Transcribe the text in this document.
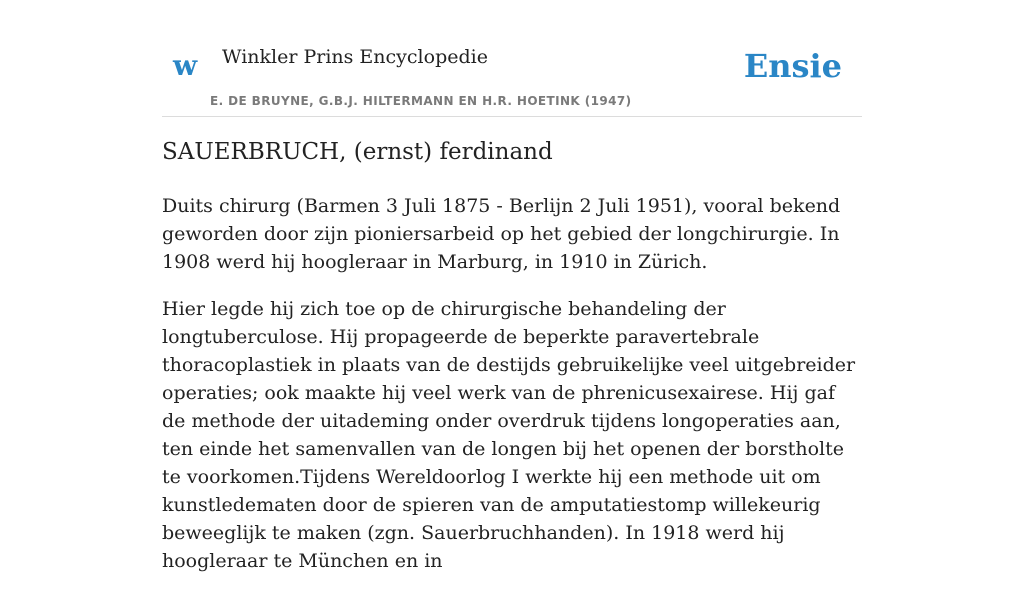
w Winkler Prins Encyclopedie
E. DE BRUYNE, G.B.J. HILTERMANN EN H.R. HOETINK (1947)
Ensie
SAUERBRUCH, (ernst) ferdinand

Duits chirurg (Barmen 3 Juli 1875 - Berlijn 2 Juli 1951), vooral bekend geworden door zijn pioniersarbeid op het gebied der longchirurgie. In 1908 werd hij hoogleraar in Marburg, in 1910 in Zürich.

Hier legde hij zich toe op de chirurgische behandeling der longtuberculose. Hij propageerde de beperkte paravertebrale thoracoplastiek in plaats van de destijds gebruikelijke veel uitgebreider operaties; ook maakte hij veel werk van de phrenicusexairese. Hij gaf de methode der uitademing onder overdruk tijdens longoperaties aan, ten einde het samenvallen van de longen bij het openen der borstholte te voorkomen.Tijdens Wereldoorlog I werkte hij een methode uit om kunstledematen door de spieren van de amputatiestomp willekeurig beweeglijk te maken (zgn. Sauerbruchhanden). In 1918 werd hij hoogleraar te München en in
